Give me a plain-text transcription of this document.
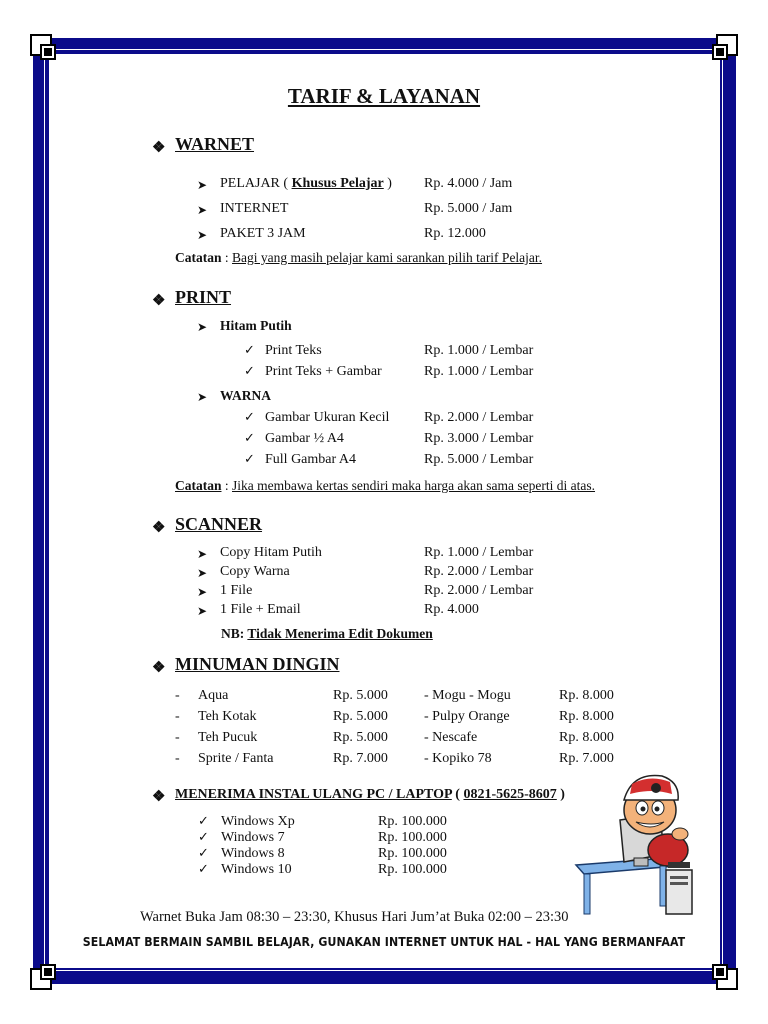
TARIF & LAYANAN
❖ WARNET
➤ PELAJAR ( Khusus Pelajar ) Rp. 4.000 / Jam
➤ INTERNET	Rp. 5.000 / Jam
➤ PAKET 3 JAM	Rp. 12.000
Catatan : Bagi yang masih pelajar kami sarankan pilih tarif Pelajar.
❖ PRINT
➤ Hitam Putih
✓ Print Teks	Rp. 1.000 / Lembar
✓ Print Teks + Gambar	Rp. 1.000 / Lembar
➤ WARNA
✓ Gambar Ukuran Kecil Rp. 2.000 / Lembar
✓ Gambar ½ A4	Rp. 3.000 / Lembar
✓ Full Gambar A4	Rp. 5.000 / Lembar
Catatan : Jika membawa kertas sendiri maka harga akan sama seperti di atas.
❖ SCANNER
➤ Copy Hitam Putih	Rp. 1.000 / Lembar
➤ Copy Warna	Rp. 2.000 / Lembar
➤ 1 File	Rp. 2.000 / Lembar
➤ 1 File + Email	Rp. 4.000
NB: Tidak Menerima Edit Dokumen
❖ MINUMAN DINGIN
- Aqua	Rp. 5.000	- Mogu - Mogu	Rp. 8.000
- Teh Kotak	Rp. 5.000	- Pulpy Orange	Rp. 8.000
- Teh Pucuk	Rp. 5.000	- Nescafe	Rp. 8.000
- Sprite / Fanta	Rp. 7.000	- Kopiko 78	Rp. 7.000
❖ MENERIMA INSTAL ULANG PC / LAPTOP ( 0821-5625-8607 )
✓ Windows Xp	Rp. 100.000
✓ Windows 7	Rp. 100.000
✓ Windows 8	Rp. 100.000
✓ Windows 10	Rp. 100.000
Warnet Buka Jam 08:30 – 23:30, Khusus Hari Jum’at Buka 02:00 – 23:30
SELAMAT BERMAIN SAMBIL BELAJAR, GUNAKAN INTERNET UNTUK HAL - HAL YANG BERMANFAAT
